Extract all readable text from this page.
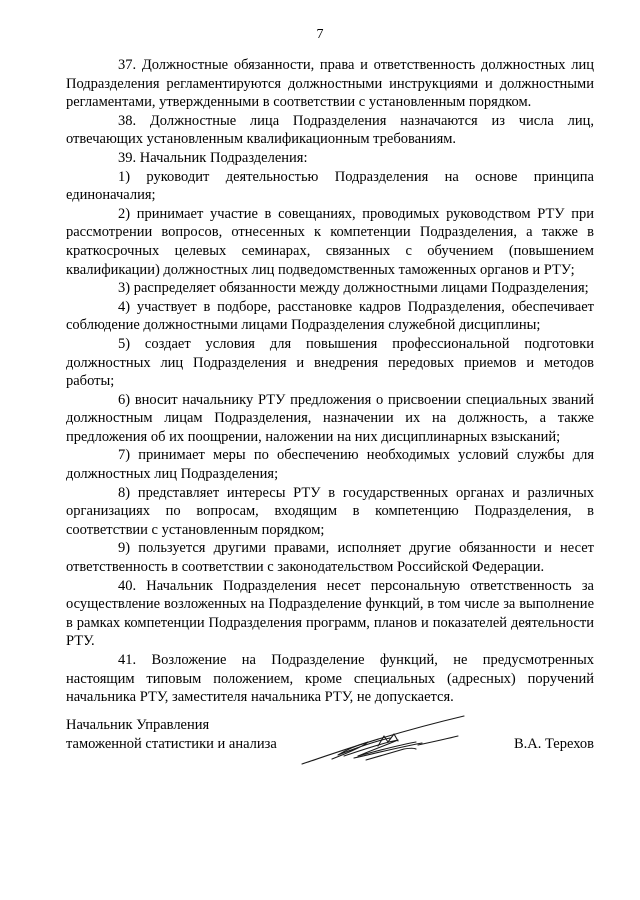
7

37. Должностные обязанности, права и ответственность должностных лиц Подразделения регламентируются должностными инструкциями и должностными регламентами, утвержденными в соответствии с установленным порядком.

38. Должностные лица Подразделения назначаются из числа лиц, отвечающих установленным квалификационным требованиям.

39. Начальник Подразделения:

1) руководит деятельностью Подразделения на основе принципа единоначалия;

2) принимает участие в совещаниях, проводимых руководством РТУ при рассмотрении вопросов, отнесенных к компетенции Подразделения, а также в краткосрочных целевых семинарах, связанных с обучением (повышением квалификации) должностных лиц подведомственных таможенных органов и РТУ;

3) распределяет обязанности между должностными лицами Подразделения;

4) участвует в подборе, расстановке кадров Подразделения, обеспечивает соблюдение должностными лицами Подразделения служебной дисциплины;

5) создает условия для повышения профессиональной подготовки должностных лиц Подразделения и внедрения передовых приемов и методов работы;

6) вносит начальнику РТУ предложения о присвоении специальных званий должностным лицам Подразделения, назначении их на должность, а также предложения об их поощрении, наложении на них дисциплинарных взысканий;

7) принимает меры по обеспечению необходимых условий службы для должностных лиц Подразделения;

8) представляет интересы РТУ в государственных органах и различных организациях по вопросам, входящим в компетенцию Подразделения, в соответствии с установленным порядком;

9) пользуется другими правами, исполняет другие обязанности и несет ответственность в соответствии с законодательством Российской Федерации.

40. Начальник Подразделения несет персональную ответственность за осуществление возложенных на Подразделение функций, в том числе за выполнение в рамках компетенции Подразделения программ, планов и показателей деятельности РТУ.

41. Возложение на Подразделение функций, не предусмотренных настоящим типовым положением, кроме специальных (адресных) поручений начальника РТУ, заместителя начальника РТУ, не допускается.

Начальник Управления
таможенной статистики и анализа	В.А. Терехов
